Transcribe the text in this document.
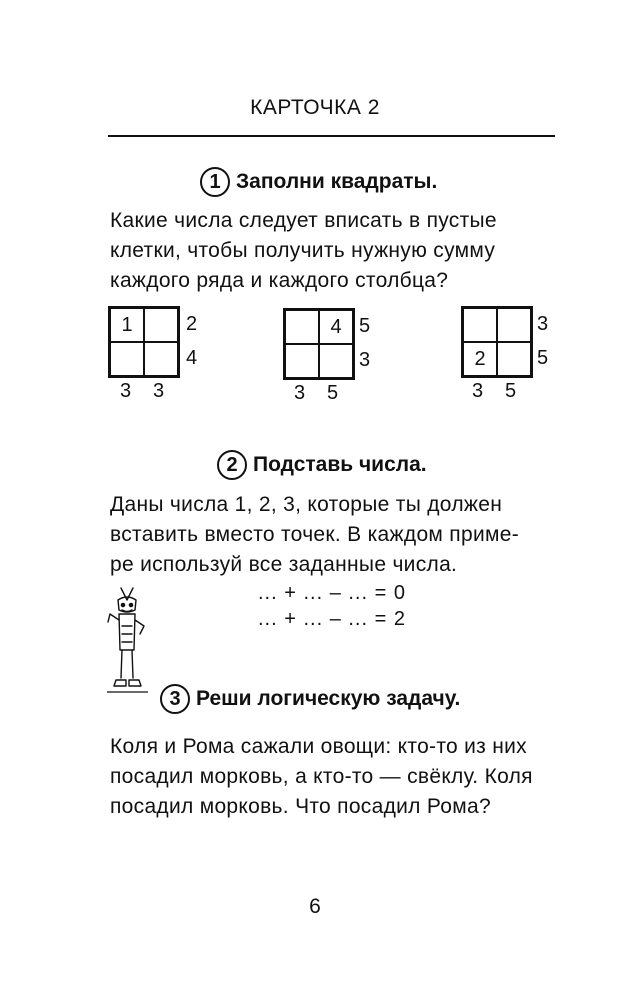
КАРТОЧКА 2
1 Заполни квадраты.
Какие числа следует вписать в пустые
клетки, чтобы получить нужную сумму
каждого ряда и каждого столбца?
1	2
4
3 3
4 5
3
3 5
2
3
5
3 5
2 Подставь числа.
Даны числа 1, 2, 3, которые ты должен
вставить вместо точек. В каждом приме-
ре используй все заданные числа.
... + ... – ... = 0
... + ... – ... = 2
3 Реши логическую задачу.
Коля и Рома сажали овощи: кто-то из них
посадил морковь, а кто-то — свёклу. Коля
посадил морковь. Что посадил Рома?
6
